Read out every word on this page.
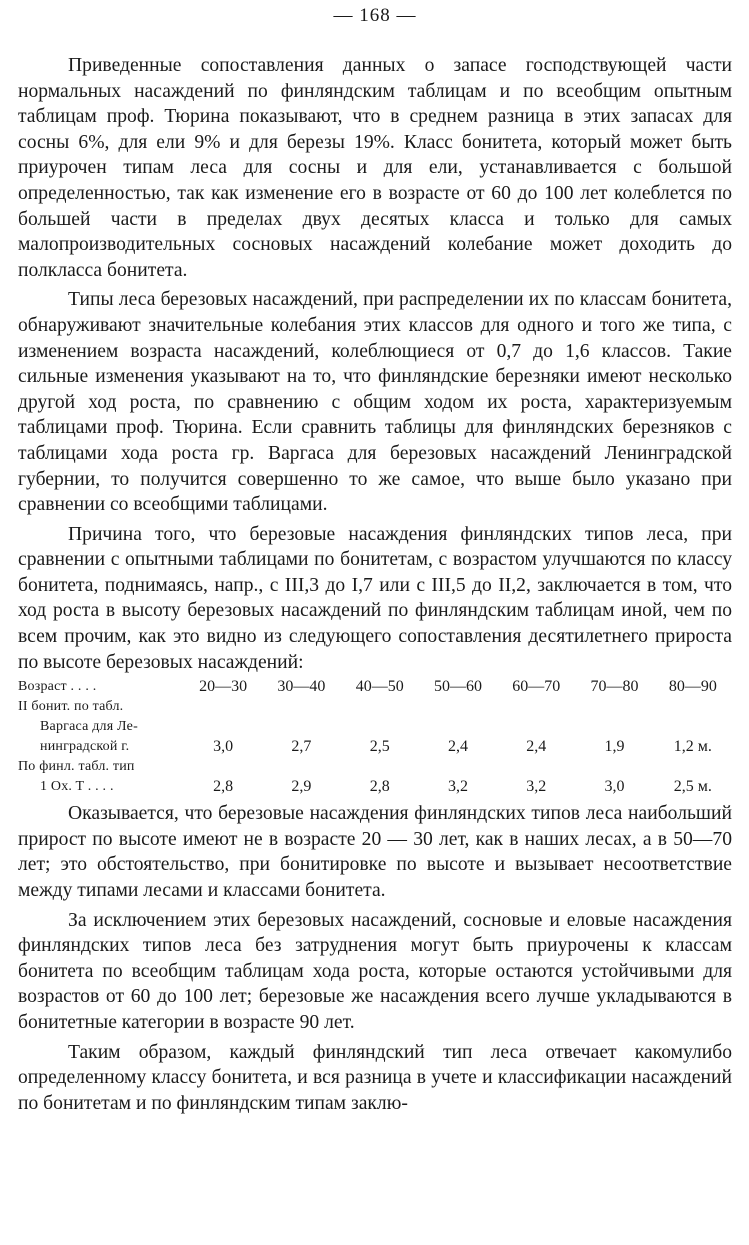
— 168 —

Приведенные сопоставления данных о запасе господствующей части нормальных насаждений по финляндским таблицам и по всеобщим опытным таблицам проф. Тюрина показывают, что в среднем разница в этих запасах для сосны 6%, для ели 9% и для березы 19%. Класс бонитета, который может быть приурочен типам леса для сосны и для ели, устанавливается с большой определенностью, так как изменение его в возрасте от 60 до 100 лет колеблется по большей части в пределах двух десятых класса и только для самых малопроизводительных сосновых насаждений колебание может доходить до полкласса бонитета.

Типы леса березовых насаждений, при распределении их по классам бонитета, обнаруживают значительные колебания этих классов для одного и того же типа, с изменением возраста насаждений, колеблющиеся от 0,7 до 1,6 классов. Такие сильные изменения указывают на то, что финляндские березняки имеют несколько другой ход роста, по сравнению с общим ходом их роста, характеризуемым таблицами проф. Тюрина. Если сравнить таблицы для финляндских березняков с таблицами хода роста гр. Варгаса для березовых насаждений Ленинградской губернии, то получится совершенно то же самое, что выше было указано при сравнении со всеобщими таблицами.

Причина того, что березовые насаждения финляндских типов леса, при сравнении с опытными таблицами по бонитетам, с возрастом улучшаются по классу бонитета, поднимаясь, напр., с III,3 до I,7 или с III,5 до II,2, заключается в том, что ход роста в высоту березовых насаждений по финляндским таблицам иной, чем по всем прочим, как это видно из следующего сопоставления десятилетнего прироста по высоте березовых насаждений:

Возраст . . . .	20—30	30—40	40—50	50—60	60—70	70—80	80—90
II бонит. по табл.							
Варгаса для Ле-							
нинградской г.	3,0	2,7	2,5	2,4	2,4	1,9	1,2 м.
По финл. табл. тип							
1 Ox. T . . . .	2,8	2,9	2,8	3,2	3,2	3,0	2,5 м.

Оказывается, что березовые насаждения финляндских типов леса наибольший прирост по высоте имеют не в возрасте 20 — 30 лет, как в наших лесах, а в 50—70 лет; это обстоятельство, при бонитировке по высоте и вызывает несоответствие между типами лесами и классами бонитета.

За исключением этих березовых насаждений, сосновые и еловые насаждения финляндских типов леса без затруднения могут быть приурочены к классам бонитета по всеобщим таблицам хода роста, которые остаются устойчивыми для возрастов от 60 до 100 лет; березовые же насаждения всего лучше укладываются в бонитетные категории в возрасте 90 лет.

Таким образом, каждый финляндский тип леса отвечает какомулибо определенному классу бонитета, и вся разница в учете и классификации насаждений по бонитетам и по финляндским типам заклю-
